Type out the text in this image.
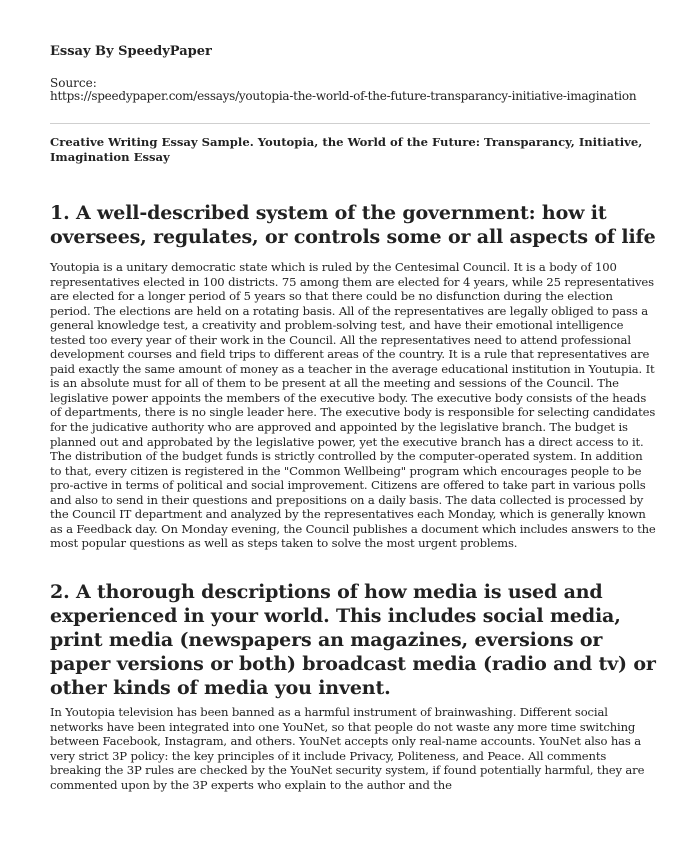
Essay By SpeedyPaper
Source:
https://speedypaper.com/essays/youtopia-the-world-of-the-future-transparancy-initiative-imagination
Creative Writing Essay Sample. Youtopia, the World of the Future: Transparancy, Initiative, Imagination Essay
1. A well-described system of the government: how it oversees, regulates, or controls some or all aspects of life
Youtopia is a unitary democratic state which is ruled by the Centesimal Council. It is a body of 100 representatives elected in 100 districts. 75 among them are elected for 4 years, while 25 representatives are elected for a longer period of 5 years so that there could be no disfunction during the election period. The elections are held on a rotating basis. All of the representatives are legally obliged to pass a general knowledge test, a creativity and problem-solving test, and have their emotional intelligence tested too every year of their work in the Council. All the representatives need to attend professional development courses and field trips to different areas of the country. It is a rule that representatives are paid exactly the same amount of money as a teacher in the average educational institution in Youtupia. It is an absolute must for all of them to be present at all the meeting and sessions of the Council. The legislative power appoints the members of the executive body. The executive body consists of the heads of departments, there is no single leader here. The executive body is responsible for selecting candidates for the judicative authority who are approved and appointed by the legislative branch. The budget is planned out and approbated by the legislative power, yet the executive branch has a direct access to it. The distribution of the budget funds is strictly controlled by the computer-operated system. In addition to that, every citizen is registered in the "Common Wellbeing" program which encourages people to be pro-active in terms of political and social improvement. Citizens are offered to take part in various polls and also to send in their questions and prepositions on a daily basis. The data collected is processed by the Council IT department and analyzed by the representatives each Monday, which is generally known as a Feedback day. On Monday evening, the Council publishes a document which includes answers to the most popular questions as well as steps taken to solve the most urgent problems.
2. A thorough descriptions of how media is used and experienced in your world. This includes social media, print media (newspapers an magazines, eversions or paper versions or both) broadcast media (radio and tv) or other kinds of media you invent.
In Youtopia television has been banned as a harmful instrument of brainwashing. Different social networks have been integrated into one YouNet, so that people do not waste any more time switching between Facebook, Instagram, and others. YouNet accepts only real-name accounts. YouNet also has a very strict 3P policy: the key principles of it include Privacy, Politeness, and Peace. All comments breaking the 3P rules are checked by the YouNet security system, if found potentially harmful, they are commented upon by the 3P experts who explain to the author and the
